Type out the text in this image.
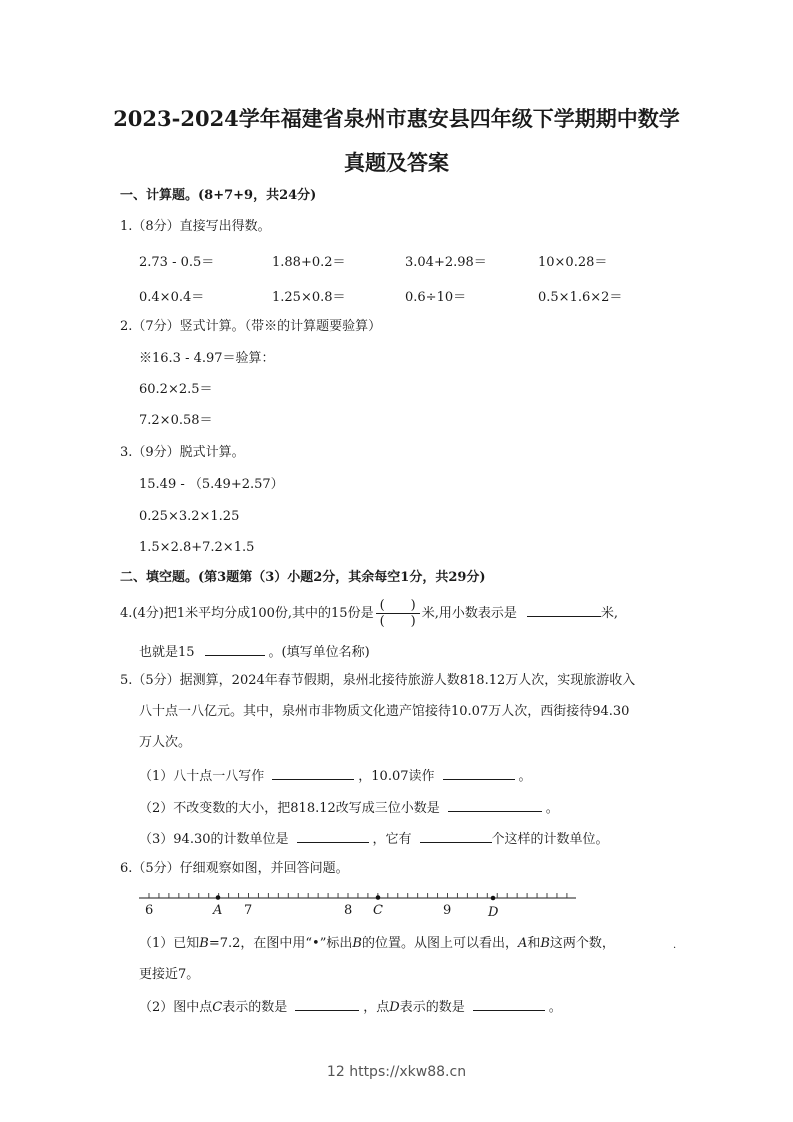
2023-2024学年福建省泉州市惠安县四年级下学期期中数学
真题及答案
一、计算题。(8+7+9，共24分)
1.（8分）直接写出得数。
2.73 - 0.5＝	1.88+0.2＝	3.04+2.98＝	10×0.28＝
0.4×0.4＝	1.25×0.8＝	0.6÷10＝	0.5×1.6×2＝
2.（7分）竖式计算。（带※的计算题要验算）
※16.3 - 4.97＝验算：
60.2×2.5＝
7.2×0.58＝
3.（9分）脱式计算。
15.49 - （5.49+2.57）
0.25×3.2×1.25
1.5×2.8+7.2×1.5
二、填空题。(第3题第（3）小题2分，其余每空1分，共29分)
4.(4分)把1米平均分成100份,其中的15份是 $\frac{( )}{( )}$ 米,用小数表示是	米,
也就是15	。(填写单位名称)
5.（5分）据测算，2024年春节假期，泉州北接待旅游人数818.12万人次，实现旅游收入
八十点一八亿元。其中，泉州市非物质文化遗产馆接待10.07万人次，西街接待94.30
万人次。
（1）八十点一八写作	，10.07读作	。
（2）不改变数的大小，把818.12改写成三位小数是	。
（3）94.30的计数单位是	，它有	个这样的计数单位。
6.（5分）仔细观察如图，并回答问题。
6	A 7	8 C	9	D
（1）已知B=7.2，在图中用“•”标出B的位置。从图上可以看出，A和B这两个数，	.
更接近7。
（2）图中点C表示的数是	，点D表示的数是	。
12 https://xkw88.cn
